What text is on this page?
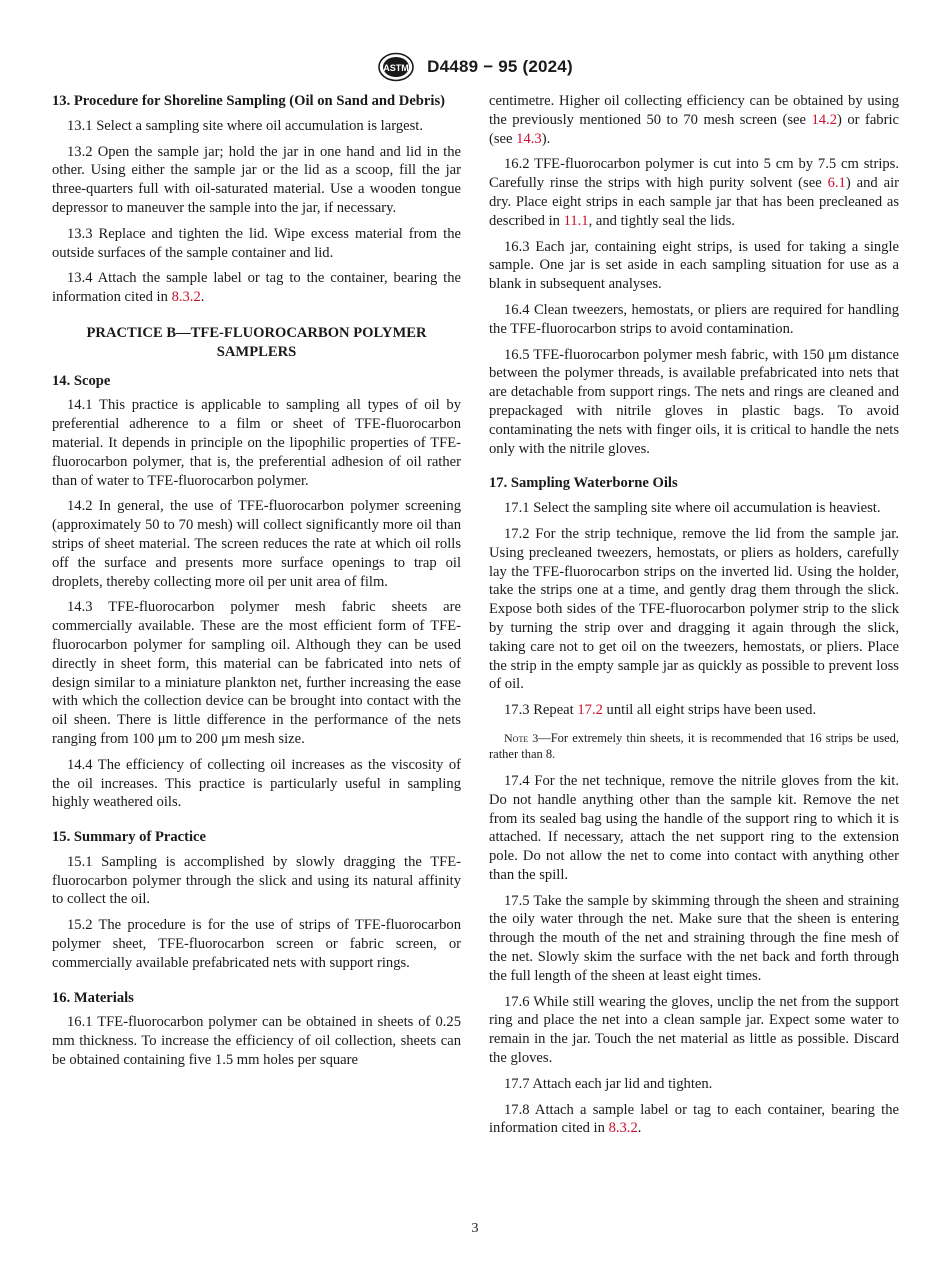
ASTM D4489 − 95 (2024)
13. Procedure for Shoreline Sampling (Oil on Sand and Debris)

13.1 Select a sampling site where oil accumulation is largest.

13.2 Open the sample jar; hold the jar in one hand and lid in the other. Using either the sample jar or the lid as a scoop, fill the jar three-quarters full with oil-saturated material. Use a wooden tongue depressor to maneuver the sample into the jar, if necessary.

13.3 Replace and tighten the lid. Wipe excess material from the outside surfaces of the sample container and lid.

13.4 Attach the sample label or tag to the container, bearing the information cited in 8.3.2.

PRACTICE B—TFE-FLUOROCARBON POLYMER SAMPLERS
14. Scope

14.1 This practice is applicable to sampling all types of oil by preferential adherence to a film or sheet of TFE-fluorocarbon material. It depends in principle on the lipophilic properties of TFE-fluorocarbon polymer, that is, the preferential adhesion of oil rather than of water to TFE-fluorocarbon polymer.

14.2 In general, the use of TFE-fluorocarbon polymer screening (approximately 50 to 70 mesh) will collect significantly more oil than strips of sheet material. The screen reduces the rate at which oil rolls off the surface and presents more surface openings to trap oil droplets, thereby collecting more oil per unit area of film.

14.3 TFE-fluorocarbon polymer mesh fabric sheets are commercially available. These are the most efficient form of TFE-fluorocarbon polymer for sampling oil. Although they can be used directly in sheet form, this material can be fabricated into nets of design similar to a miniature plankton net, further increasing the ease with which the collection device can be brought into contact with the oil sheen. There is little difference in the performance of the nets ranging from 100 μm to 200 μm mesh size.

14.4 The efficiency of collecting oil increases as the viscosity of the oil increases. This practice is particularly useful in sampling highly weathered oils.

15. Summary of Practice

15.1 Sampling is accomplished by slowly dragging the TFE-fluorocarbon polymer through the slick and using its natural affinity to collect the oil.

15.2 The procedure is for the use of strips of TFE-fluorocarbon polymer sheet, TFE-fluorocarbon screen or fabric screen, or commercially available prefabricated nets with support rings.

16. Materials

16.1 TFE-fluorocarbon polymer can be obtained in sheets of 0.25 mm thickness. To increase the efficiency of oil collection, sheets can be obtained containing five 1.5 mm holes per square

centimetre. Higher oil collecting efficiency can be obtained by using the previously mentioned 50 to 70 mesh screen (see 14.2) or fabric (see 14.3).

16.2 TFE-fluorocarbon polymer is cut into 5 cm by 7.5 cm strips. Carefully rinse the strips with high purity solvent (see 6.1) and air dry. Place eight strips in each sample jar that has been precleaned as described in 11.1, and tightly seal the lids.

16.3 Each jar, containing eight strips, is used for taking a single sample. One jar is set aside in each sampling situation for use as a blank in subsequent analyses.

16.4 Clean tweezers, hemostats, or pliers are required for handling the TFE-fluorocarbon strips to avoid contamination.

16.5 TFE-fluorocarbon polymer mesh fabric, with 150 μm distance between the polymer threads, is available prefabricated into nets that are detachable from support rings. The nets and rings are cleaned and prepackaged with nitrile gloves in plastic bags. To avoid contaminating the nets with finger oils, it is critical to handle the nets only with the nitrile gloves.

17. Sampling Waterborne Oils

17.1 Select the sampling site where oil accumulation is heaviest.

17.2 For the strip technique, remove the lid from the sample jar. Using precleaned tweezers, hemostats, or pliers as holders, carefully lay the TFE-fluorocarbon strips on the inverted lid. Using the holder, take the strips one at a time, and gently drag them through the slick. Expose both sides of the TFE-fluorocarbon polymer strip to the slick by turning the strip over and dragging it again through the slick, taking care not to get oil on the tweezers, hemostats, or pliers. Place the strip in the empty sample jar as quickly as possible to prevent loss of oil.

17.3 Repeat 17.2 until all eight strips have been used.

Note 3—For extremely thin sheets, it is recommended that 16 strips be used, rather than 8.

17.4 For the net technique, remove the nitrile gloves from the kit. Do not handle anything other than the sample kit. Remove the net from its sealed bag using the handle of the support ring to which it is attached. If necessary, attach the net support ring to the extension pole. Do not allow the net to come into contact with anything other than the spill.

17.5 Take the sample by skimming through the sheen and straining the oily water through the net. Make sure that the sheen is entering through the mouth of the net and straining through the fine mesh of the net. Slowly skim the surface with the net back and forth through the full length of the sheen at least eight times.

17.6 While still wearing the gloves, unclip the net from the support ring and place the net into a clean sample jar. Expect some water to remain in the jar. Touch the net material as little as possible. Discard the gloves.

17.7 Attach each jar lid and tighten.

17.8 Attach a sample label or tag to each container, bearing the information cited in 8.3.2.

3
